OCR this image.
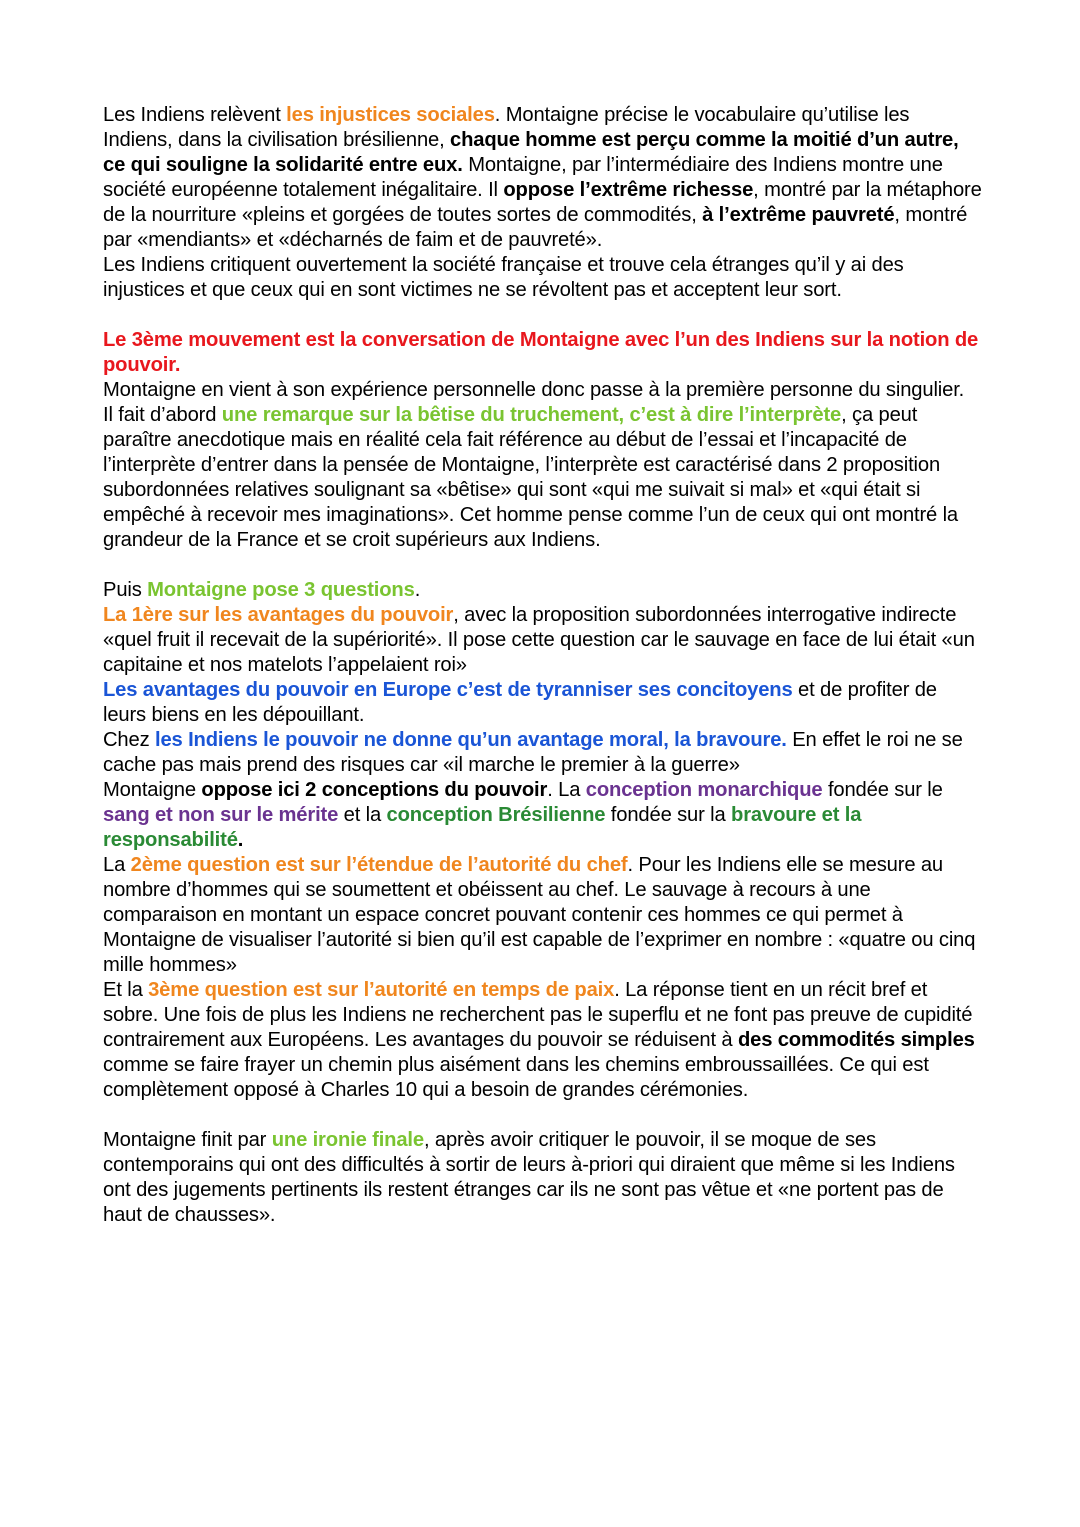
Les Indiens relèvent les injustices sociales. Montaigne précise le vocabulaire qu’utilise les Indiens, dans la civilisation brésilienne, chaque homme est perçu comme la moitié d’un autre, ce qui souligne la solidarité entre eux. Montaigne, par l’intermédiaire des Indiens montre une société européenne totalement inégalitaire. Il oppose l’extrême richesse, montré par la métaphore de la nourriture «pleins et gorgées de toutes sortes de commodités, à l’extrême pauvreté, montré par «mendiants» et «décharnés de faim et de pauvreté».

Les Indiens critiquent ouvertement la société française et trouve cela étranges qu’il y ai des injustices et que ceux qui en sont victimes ne se révoltent pas et acceptent leur sort.

Le 3ème mouvement est la conversation de Montaigne avec l’un des Indiens sur la notion de pouvoir.

Montaigne en vient à son expérience personnelle donc passe à la première personne du singulier.

Il fait d’abord une remarque sur la bêtise du truchement, c’est à dire l’interprète, ça peut paraître anecdotique mais en réalité cela fait référence au début de l’essai et l’incapacité de l’interprète d’entrer dans la pensée de Montaigne, l’interprète est caractérisé dans 2 proposition subordonnées relatives soulignant sa «bêtise» qui sont «qui me suivait si mal» et «qui était si empêché à recevoir mes imaginations». Cet homme pense comme l’un de ceux qui ont montré la grandeur de la France et se croit supérieurs aux Indiens.

Puis Montaigne pose 3 questions.

La 1ère sur les avantages du pouvoir, avec la proposition subordonnées interrogative indirecte «quel fruit il recevait de la supériorité». Il pose cette question car le sauvage en face de lui était «un capitaine et nos matelots l’appelaient roi»

Les avantages du pouvoir en Europe c’est de tyranniser ses concitoyens et de profiter de leurs biens en les dépouillant.

Chez les Indiens le pouvoir ne donne qu’un avantage moral, la bravoure. En effet le roi ne se cache pas mais prend des risques car «il marche le premier à la guerre»

Montaigne oppose ici 2 conceptions du pouvoir. La conception monarchique fondée sur le sang et non sur le mérite et la conception Brésilienne fondée sur la bravoure et la responsabilité.

La 2ème question est sur l’étendue de l’autorité du chef. Pour les Indiens elle se mesure au nombre d’hommes qui se soumettent et obéissent au chef. Le sauvage à recours à une comparaison en montant un espace concret pouvant contenir ces hommes ce qui permet à Montaigne de visualiser l’autorité si bien qu’il est capable de l’exprimer en nombre : «quatre ou cinq mille hommes»

Et la 3ème question est sur l’autorité en temps de paix. La réponse tient en un récit bref et sobre. Une fois de plus les Indiens ne recherchent pas le superflu et ne font pas preuve de cupidité contrairement aux Européens. Les avantages du pouvoir se réduisent à des commodités simples comme se faire frayer un chemin plus aisément dans les chemins embroussaillées. Ce qui est complètement opposé à Charles 10 qui a besoin de grandes cérémonies.

Montaigne finit par une ironie finale, après avoir critiquer le pouvoir, il se moque de ses contemporains qui ont des difficultés à sortir de leurs à-priori qui diraient que même si les Indiens ont des jugements pertinents ils restent étranges car ils ne sont pas vêtue et «ne portent pas de haut de chausses».
